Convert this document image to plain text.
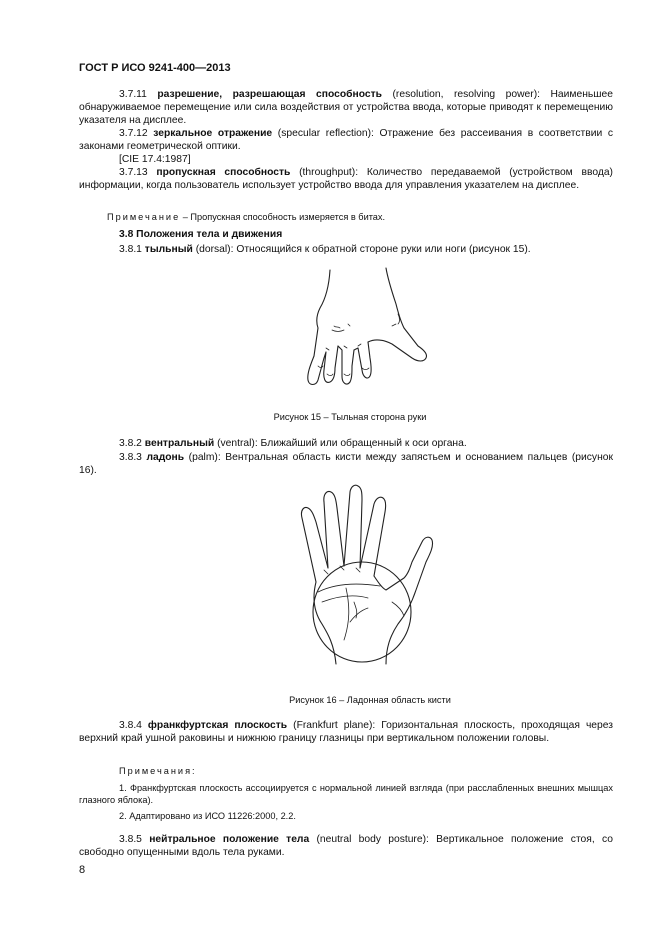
ГОСТ Р ИСО 9241-400—2013

3.7.11 разрешение, разрешающая способность (resolution, resolving power): Наименьшее обнаруживаемое перемещение или сила воздействия от устройства ввода, которые приводят к перемещению указателя на дисплее.

3.7.12 зеркальное отражение (specular reflection): Отражение без рассеивания в соответствии с законами геометрической оптики.

[CIE 17.4:1987]

3.7.13 пропускная способность (throughput): Количество передаваемой (устройством ввода) информации, когда пользователь использует устройство ввода для управления указателем на дисплее.

Примечание – Пропускная способность измеряется в битах.

3.8 Положения тела и движения

3.8.1 тыльный (dorsal): Относящийся к обратной стороне руки или ноги (рисунок 15).

Рисунок 15 – Тыльная сторона руки

3.8.2 вентральный (ventral): Ближайший или обращенный к оси органа.

3.8.3 ладонь (palm): Вентральная область кисти между запястьем и основанием пальцев (рисунок 16).

Рисунок 16 – Ладонная область кисти

3.8.4 франкфуртская плоскость (Frankfurt plane): Горизонтальная плоскость, проходящая через верхний край ушной раковины и нижнюю границу глазницы при вертикальном положении головы.

Примечания:

1. Франкфуртская плоскость ассоциируется с нормальной линией взгляда (при расслабленных внешних мышцах глазного яблока).

2. Адаптировано из ИСО 11226:2000, 2.2.

3.8.5 нейтральное положение тела (neutral body posture): Вертикальное положение стоя, со свободно опущенными вдоль тела руками.

8
